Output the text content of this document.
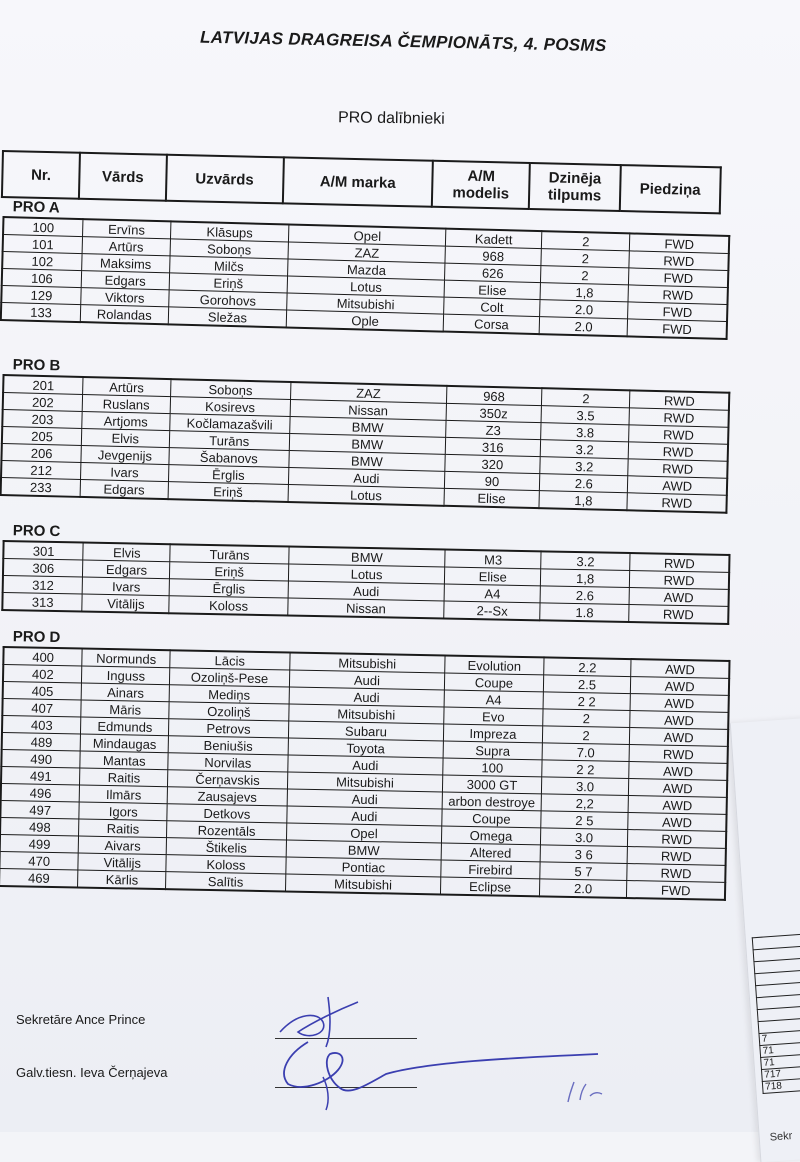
7
71
71
717
718
Sekr
LATVIJAS DRAGREISA ČEMPIONĀTS, 4. POSMS
PRO dalībnieki
Nr.	Vārds	Uzvārds	A/M marka	A/M modelis	Dzinēja tilpums	Piedziņa
PRO A
100	Ervīns	Klāsups	Opel	Kadett	2	FWD
101	Artūrs	Soboņs	ZAZ	968	2	RWD
102	Maksims	Milčs	Mazda	626	2	FWD
106	Edgars	Eriņš	Lotus	Elise	1,8	RWD
129	Viktors	Gorohovs	Mitsubishi	Colt	2.0	FWD
133	Rolandas	Sležas	Ople	Corsa	2.0	FWD
PRO B
201	Artūrs	Soboņs	ZAZ	968	2	RWD
202	Ruslans	Kosirevs	Nissan	350z	3.5	RWD
203	Artjoms	Kočlamazašvili	BMW	Z3	3.8	RWD
205	Elvis	Turāns	BMW	316	3.2	RWD
206	Jevgenijs	Šabanovs	BMW	320	3.2	RWD
212	Ivars	Ērglis	Audi	90	2.6	AWD
233	Edgars	Eriņš	Lotus	Elise	1,8	RWD
PRO C
301	Elvis	Turāns	BMW	M3	3.2	RWD
306	Edgars	Eriņš	Lotus	Elise	1,8	RWD
312	Ivars	Ērglis	Audi	A4	2.6	AWD
313	Vitālijs	Koloss	Nissan	2--Sx	1.8	RWD
PRO D
400	Normunds	Lācis	Mitsubishi	Evolution	2.2	AWD
402	Inguss	Ozoliņš-Pese	Audi	Coupe	2.5	AWD
405	Ainars	Mediņs	Audi	A4	2 2	AWD
407	Māris	Ozoliņš	Mitsubishi	Evo	2	AWD
403	Edmunds	Petrovs	Subaru	Impreza	2	AWD
489	Mindaugas	Beniušis	Toyota	Supra	7.0	RWD
490	Mantas	Norvilas	Audi	100	2 2	AWD
491	Raitis	Čerņavskis	Mitsubishi	3000 GT	3.0	AWD
496	Ilmārs	Zausajevs	Audi	arbon destroye	2,2	AWD
497	Igors	Detkovs	Audi	Coupe	2 5	AWD
498	Raitis	Rozentāls	Opel	Omega	3.0	RWD
499	Aivars	Štikelis	BMW	Altered	3 6	RWD
470	Vitālijs	Koloss	Pontiac	Firebird	5 7	RWD
469	Kārlis	Salītis	Mitsubishi	Eclipse	2.0	FWD
Sekretāre Ance Prince
Galv.tiesn. Ieva Čerņajeva
